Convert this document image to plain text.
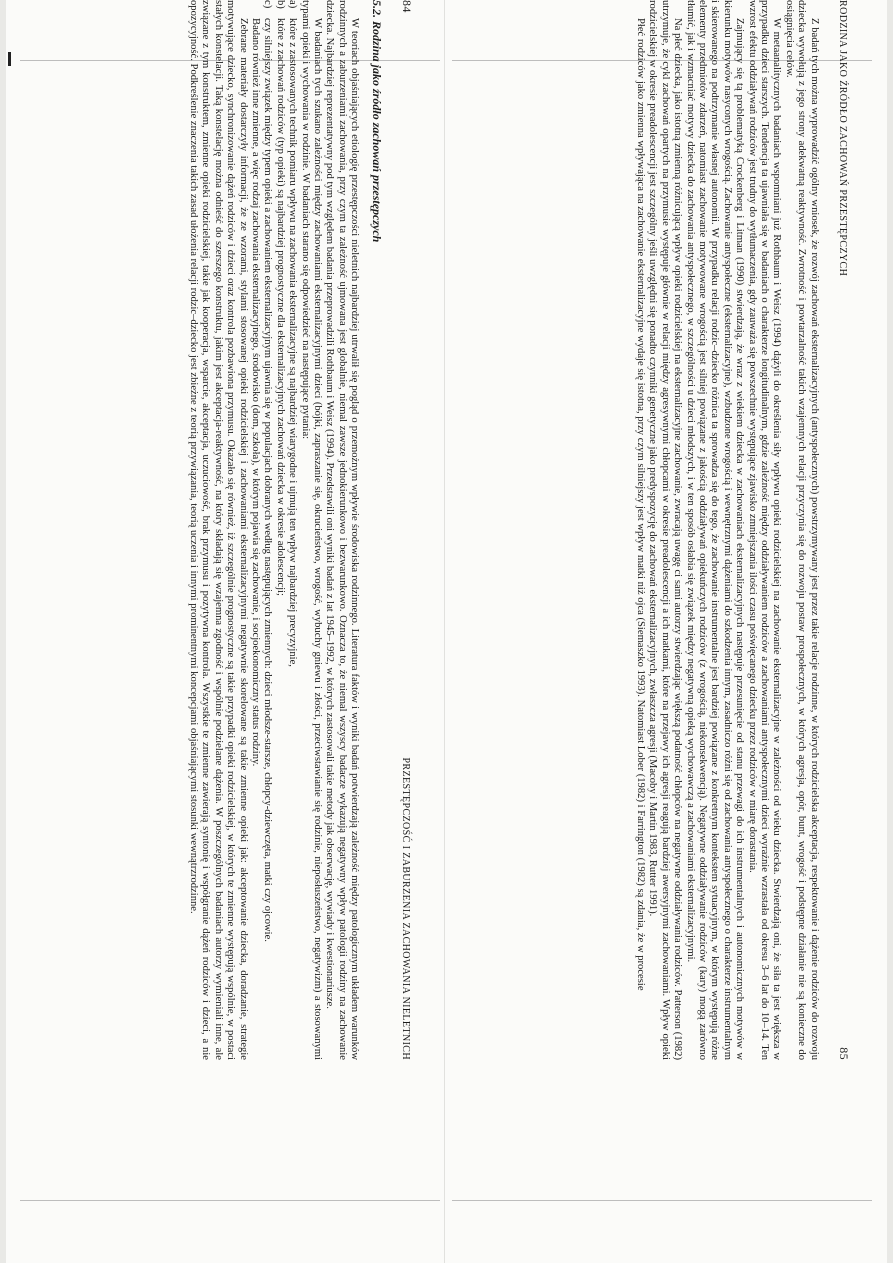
84
PRZESTĘPCZOŚĆ I ZABURZENIA ZACHOWANIA NIELETNICH
5.2. Rodzina jako źródło zachowań przestępczych

W teoriach objaśniających etiologię przestępczości nieletnich najbardziej utrwalił się pogląd o przemożnym wpływie środowiska rodzinnego. Literatura faktów i wyniki badań potwierdzają zależność między patologicznym układem warunków rodzinnych a zaburzeniami zachowania, przy czym ta zależność ujmowana jest globalnie, niemal zawsze jednokierunkowo i bezwarunkowo. Oznacza to, że niemal wszyscy badacze wykazują negatywny wpływ patologii rodziny na zachowanie dziecka. Najbardziej reprezentatywny pod tym względem badania przeprowadzili Rothbaum i Weisz (1994). Przedstawili oni wyniki badań z lat 1945–1992, w których zastosowali takie metody jak obserwację, wywiady i kwestionariusze.

W badaniach tych szukano zależności między zachowaniami eksternalizacyjnymi dzieci (bójki, zapraszanie się, okrucieństwo, wrogość, wybuchy gniewu i złości, przeciwstawianie się rodzinie, nieposłuszeństwo, negatywizm) a stosowanymi typami opieki i wychowania w rodzinie. W badaniach starano się odpowiedzieć na następujące pytania:

a)
które z zastosowanych technik pomiaru wpływu na zachowania eksternalizacyjne są najbardziej wiarygodne i ujmują ten wpływ najbardziej precyzyjnie,
b)
które z zachowań rodziców (typ opieki) są najbardziej prognostyczne dla eksternalizacyjnych zachowań dziecka w okresie adolescencji;
c)
czy silniejszy związek między typem opieki a zachowaniem eksternalizacyjnym ujawnia się w populacjach dobranych według następujących zmiennych: dzieci młodsze-starsze, chłopcy-dziewczęta, matki czy ojcowie.

Badano również inne zmienne, a więc rodzaj zachowania eksternalizacyjnego, środowisko (dom, szkoła), w którym pojawia się zachowanie, i socjoekonomiczny status rodziny.

Zebrane materiały dostarczyły informacji, że ze wzorami, stylami stosowanej opieki rodzicielskiej i zachowaniami eksternalizacyjnymi negatywnie skorelowane są takie zmienne opieki jak: akceptowanie dziecka, doradzanie, strategie motywujące dziecko, synchronizowanie dążeń rodziców i dzieci oraz kontrola pozbawiona przymusu. Okazało się również, iż szczególnie prognostyczne są takie przypadki opieki rodzicielskiej, w których te zmienne występują wspólnie, w postaci stałych konstelacji. Taką konstelację można odnieść do szerszego konstruktu, jakim jest akceptacja-reaktywność, na który składają się wzajemna zgodność i wspólnie podzielane dążenia. W poszczególnych badaniach autorzy wymieniali inne, ale związane z tym konstruktem, zmienne opieki rodzicielskiej, takie jak kooperacja, wsparcie, akceptacja, uczuciowość, brak przymusu i pozytywna kontrola. Wszystkie te zmienne zawierają syntonię i współgranie dążeń rodziców i dzieci, a nie opozycyjność. Podkreślenie znaczenia takich zasad ułożenia relacji rodzic–dziecko jest zbieżne z teorią przywiązania, teorią uczenia i innymi prominentnymi koncepcjami objaśniającymi stosunki wewnątrzrodzinne.	RODZINA JAKO ŹRÓDŁO ZACHOWAŃ PRZESTĘPCZYCH
85

Z badań tych można wyprowadzić ogólny wniosek, że rozwój zachowań eksternalizacyjnych (antyspołecznych) powstrzymywany jest przez takie relacje rodzinne, w których rodzicielska akceptacja, respektowanie i dążenie rodziców do rozwoju dziecka wywołują z jego strony adekwatną reaktywność. Zwrotność i powtarzalność takich wzajemnych relacji przyczynia się do rozwoju postaw prospołecznych, w których agresja, opór, bunt, wrogość i podstępne działanie nie są konieczne do osiągnięcia celów.

W metaanalitycznych badaniach wspomniani już Rothbaum i Weisz (1994) dążyli do określenia siły wpływu opieki rodzicielskiej na zachowanie eksternalizacyjne w zależności od wieku dziecka. Stwierdzają oni, że siła ta jest większa w przypadku dzieci starszych. Tendencja ta ujawniała się w badaniach o charakterze longitudinalnym, gdzie zależność między oddziaływaniem rodziców a zachowaniami antyspołecznymi dzieci wyraźnie wzrastała od okresu 3–6 lat do 10–14. Ten wzrost efektu oddziaływań rodziców jest trudny do wytłumaczenia, gdy zauważa się powszechnie występujące zjawisko zmniejszania ilości czasu poświęcanego dziecku przez rodziców w miarę dorastania.

Zajmujący się tą problematyką Crockenberg i Litman (1990) stwierdzają, że wraz z wiekiem dziecka w zachowaniach eksternalizacyjnych następuje przesunięcie od stanu przewagi do ich instrumentalnych i autonomicznych motywów w kierunku motywów nasyconych wrogością. Zachowanie antyspołeczne (eksternalizacyjne), wzbudzone wrogością i wewnętrznymi dążeniami do szkodzenia innym, zasadniczo różni się od zachowania antyspołecznego o charakterze instrumentalnym i skierowanego na podtrzymanie własnej autonomii. W przypadku relacji rodzic–dziecko różnica ta sprowadza się do tego, że zachowanie instrumentalne jest bardziej powiązane z konkretnym kontekstem sytuacyjnym, w którym występują różne elementy przedmiotów zdarzeń, natomiast zachowanie motywowane wrogością jest silniej powiązane z jakością oddziaływań opiekuńczych rodziców (z wrogością, niekonsekwencją). Negatywne oddziaływanie rodziców (kary) mogą zarówno tłumić, jak i wzmacniać motywy dziecka do zachowania antyspołecznego, w szczególności u dzieci młodszych, i w ten sposób osłabia się związek między negatywną opieką wychowawczą a zachowaniami eksternalizacyjnymi.

Na płeć dziecka, jako istotną zmienną różnicującą wpływ opieki rodzicielskiej na eksternalizacyjne zachowanie, zwracają uwagę ci sami autorzy stwierdzając większą podatność chłopców na negatywne oddziaływania rodziców. Patterson (1982) utrzymuje, że cykl zachowań opartych na przymusie występuje głównie w relacji między agresywnymi chłopcami w okresie preadolescencji a ich matkami, które na przejawy ich agresji reagują bardziej awersyjnymi zachowaniami. Wpływ opieki rodzicielskiej w okresie preadolescencji jest szczególny jeśli uwzględni się ponadto czynniki genetyczne jako predyspozycję do zachowań eksternalizacyjnych, zwłaszcza agresji (Macoby i Martin 1983, Rutter 1991).

Płeć rodziców jako zmienna wpływająca na zachowanie eksternalizacyjne wydaje się istotna, przy czym silniejszy jest wpływ matki niż ojca (Siemaszko 1993). Natomiast Lober (1982) i Farrington (1982) są zdania, że w procesie
